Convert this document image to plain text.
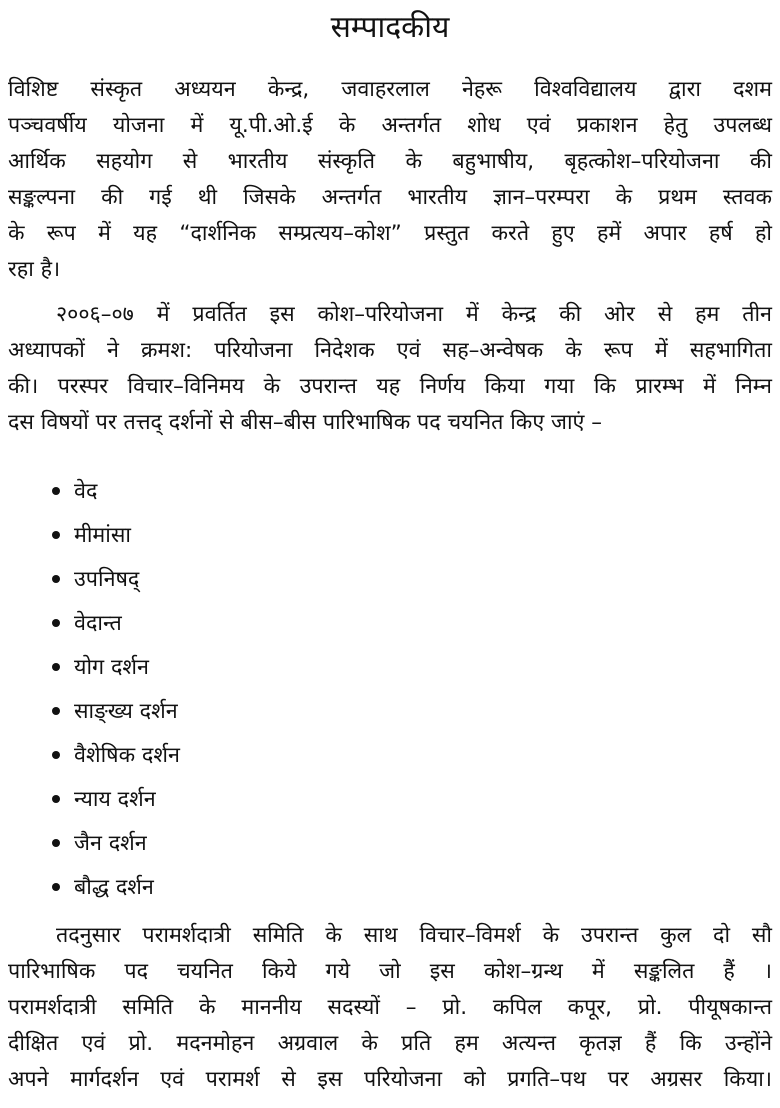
सम्पादकीय
विशिष्ट संस्कृत अध्ययन केन्द्र, जवाहरलाल नेहरू विश्वविद्यालय द्वारा दशम
पञ्चवर्षीय योजना में यू.पी.ओ.ई के अन्तर्गत शोध एवं प्रकाशन हेतु उपलब्ध
आर्थिक सहयोग से भारतीय संस्कृति के बहुभाषीय, बृहत्कोश–परियोजना की
सङ्कल्पना की गई थी जिसके अन्तर्गत भारतीय ज्ञान–परम्परा के प्रथम स्तवक
के रूप में यह “दार्शनिक सम्प्रत्यय–कोश” प्रस्तुत करते हुए हमें अपार हर्ष हो
रहा है।
२००६–०७ में प्रवर्तित इस कोश–परियोजना में केन्द्र की ओर से हम तीन
अध्यापकों ने क्रमश: परियोजना निदेशक एवं सह–अन्वेषक के रूप में सहभागिता
की। परस्पर विचार–विनिमय के उपरान्त यह निर्णय किया गया कि प्रारम्भ में निम्न
दस विषयों पर तत्तद् दर्शनों से बीस–बीस पारिभाषिक पद चयनित किए जाएं –
वेद
मीमांसा
उपनिषद्
वेदान्त
योग दर्शन
साङ्ख्य दर्शन
वैशेषिक दर्शन
न्याय दर्शन
जैन दर्शन
बौद्ध दर्शन
तदनुसार परामर्शदात्री समिति के साथ विचार–विमर्श के उपरान्त कुल दो सौ
पारिभाषिक पद चयनित किये गये जो इस कोश–ग्रन्थ में सङ्कलित हैं ।
परामर्शदात्री समिति के माननीय सदस्यों – प्रो. कपिल कपूर, प्रो. पीयूषकान्त
दीक्षित एवं प्रो. मदनमोहन अग्रवाल के प्रति हम अत्यन्त कृतज्ञ हैं कि उन्होंने
अपने मार्गदर्शन एवं परामर्श से इस परियोजना को प्रगति–पथ पर अग्रसर किया।
